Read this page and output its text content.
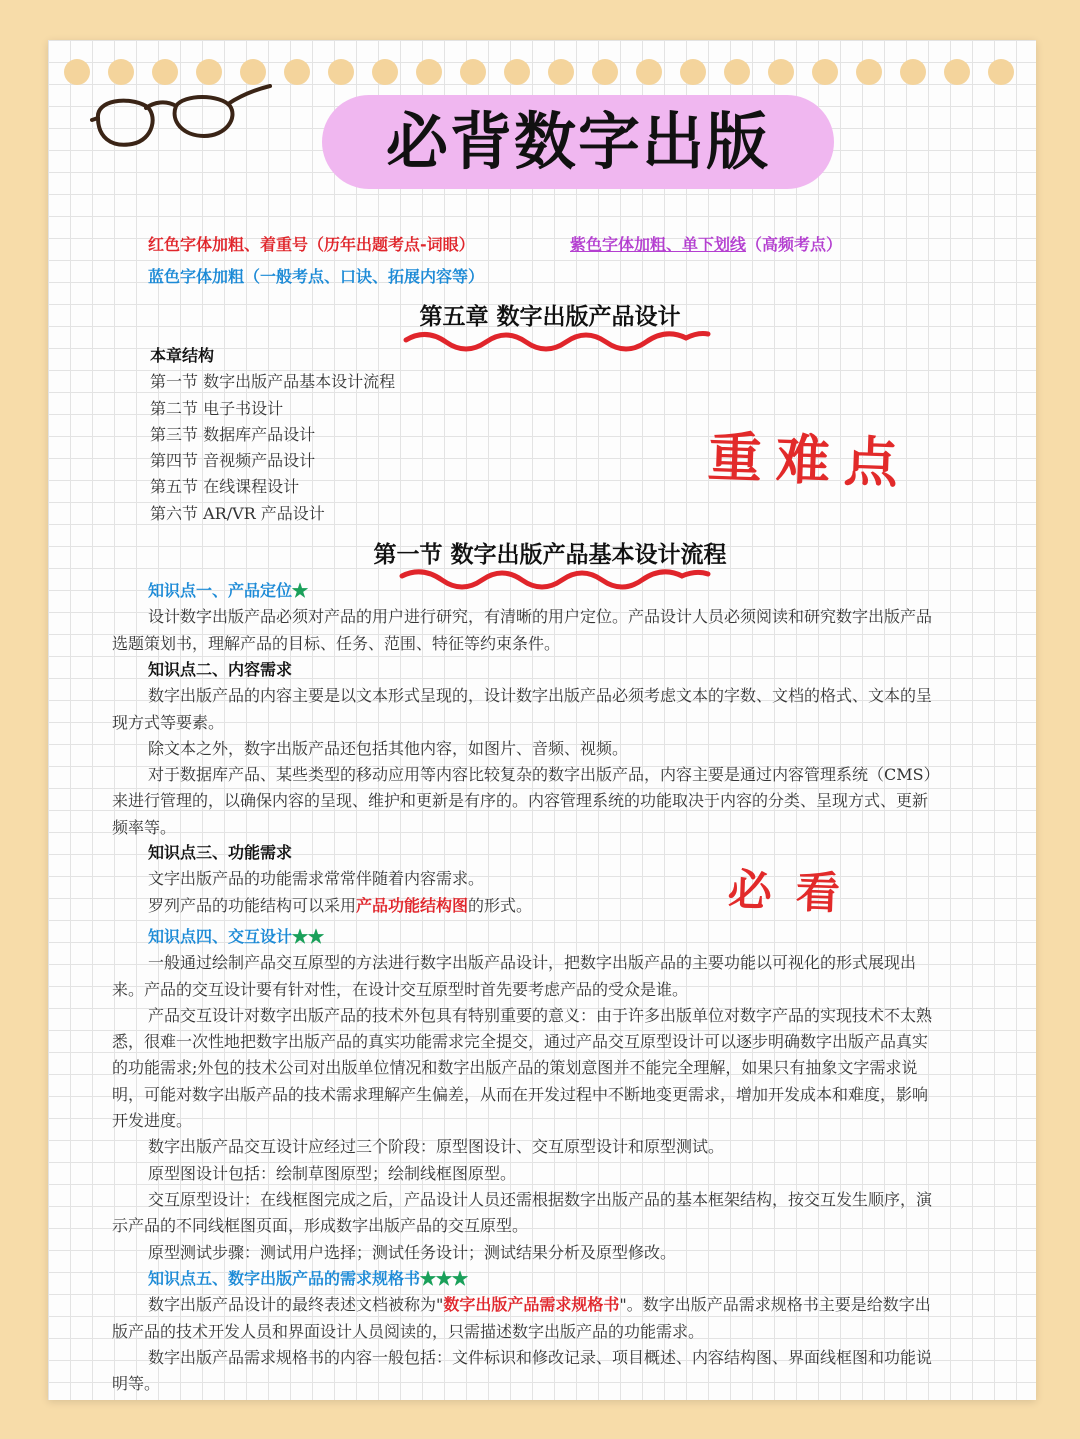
必背数字出版
红色字体加粗、着重号（历年出题考点-词眼）	紫色字体加粗、单下划线（高频考点）
蓝色字体加粗（一般考点、口诀、拓展内容等）
第五章 数字出版产品设计
本章结构
第一节 数字出版产品基本设计流程
第二节 电子书设计
第三节 数据库产品设计
第四节 音视频产品设计
第五节 在线课程设计
第六节 AR/VR 产品设计
重难点
必看
第一节 数字出版产品基本设计流程
知识点一、产品定位★

设计数字出版产品必须对产品的用户进行研究，有清晰的用户定位。产品设计人员必须阅读和研究数字出版产品选题策划书，理解产品的目标、任务、范围、特征等约束条件。

知识点二、内容需求

数字出版产品的内容主要是以文本形式呈现的，设计数字出版产品必须考虑文本的字数、文档的格式、文本的呈现方式等要素。

除文本之外，数字出版产品还包括其他内容，如图片、音频、视频。

对于数据库产品、某些类型的移动应用等内容比较复杂的数字出版产品，内容主要是通过内容管理系统（CMS）来进行管理的，以确保内容的呈现、维护和更新是有序的。内容管理系统的功能取决于内容的分类、呈现方式、更新频率等。

知识点三、功能需求

文字出版产品的功能需求常常伴随着内容需求。

罗列产品的功能结构可以采用产品功能结构图的形式。

知识点四、交互设计★★

一般通过绘制产品交互原型的方法进行数字出版产品设计，把数字出版产品的主要功能以可视化的形式展现出来。产品的交互设计要有针对性，在设计交互原型时首先要考虑产品的受众是谁。

产品交互设计对数字出版产品的技术外包具有特别重要的意义：由于许多出版单位对数字产品的实现技术不太熟悉，很难一次性地把数字出版产品的真实功能需求完全提交，通过产品交互原型设计可以逐步明确数字出版产品真实的功能需求;外包的技术公司对出版单位情况和数字出版产品的策划意图并不能完全理解，如果只有抽象文字需求说明，可能对数字出版产品的技术需求理解产生偏差，从而在开发过程中不断地变更需求，增加开发成本和难度，影响开发进度。

数字出版产品交互设计应经过三个阶段：原型图设计、交互原型设计和原型测试。

原型图设计包括：绘制草图原型；绘制线框图原型。

交互原型设计：在线框图完成之后，产品设计人员还需根据数字出版产品的基本框架结构，按交互发生顺序，演示产品的不同线框图页面，形成数字出版产品的交互原型。

原型测试步骤：测试用户选择；测试任务设计；测试结果分析及原型修改。

知识点五、数字出版产品的需求规格书★★★

数字出版产品设计的最终表述文档被称为"数字出版产品需求规格书"。数字出版产品需求规格书主要是给数字出版产品的技术开发人员和界面设计人员阅读的，只需描述数字出版产品的功能需求。

数字出版产品需求规格书的内容一般包括：文件标识和修改记录、项目概述、内容结构图、界面线框图和功能说明等。
